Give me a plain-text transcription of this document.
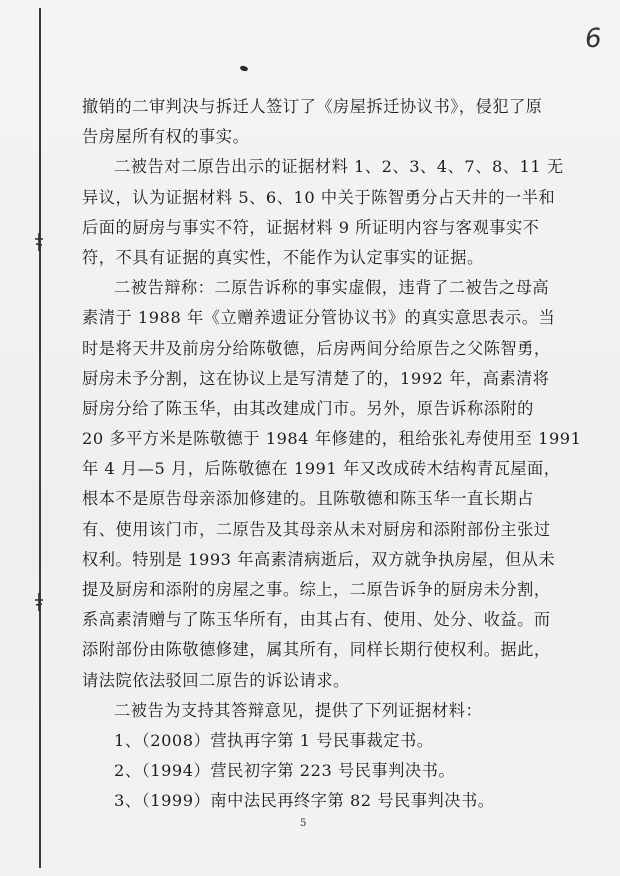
6
撤销的二审判决与拆迁人签订了《房屋拆迁协议书》，侵犯了原
告房屋所有权的事实。
二被告对二原告出示的证据材料 1、2、3、4、7、8、11 无
异议，认为证据材料 5、6、10 中关于陈智勇分占天井的一半和
后面的厨房与事实不符，证据材料 9 所证明内容与客观事实不
符，不具有证据的真实性，不能作为认定事实的证据。
二被告辩称：二原告诉称的事实虚假，违背了二被告之母高
素清于 1988 年《立赠养遗证分管协议书》的真实意思表示。当
时是将天井及前房分给陈敬德，后房两间分给原告之父陈智勇，
厨房未予分割，这在协议上是写清楚了的，1992 年，高素清将
厨房分给了陈玉华，由其改建成门市。另外，原告诉称添附的
20 多平方米是陈敬德于 1984 年修建的，租给张礼寿使用至 1991
年 4 月—5 月，后陈敬德在 1991 年又改成砖木结构青瓦屋面，
根本不是原告母亲添加修建的。且陈敬德和陈玉华一直长期占
有、使用该门市，二原告及其母亲从未对厨房和添附部份主张过
权利。特别是 1993 年高素清病逝后，双方就争执房屋，但从未
提及厨房和添附的房屋之事。综上，二原告诉争的厨房未分割，
系高素清赠与了陈玉华所有，由其占有、使用、处分、收益。而
添附部份由陈敬德修建，属其所有，同样长期行使权利。据此，
请法院依法驳回二原告的诉讼请求。
二被告为支持其答辩意见，提供了下列证据材料：
1、（2008）营执再字第 1 号民事裁定书。
2、（1994）营民初字第 223 号民事判决书。
3、（1999）南中法民再终字第 82 号民事判决书。
5
